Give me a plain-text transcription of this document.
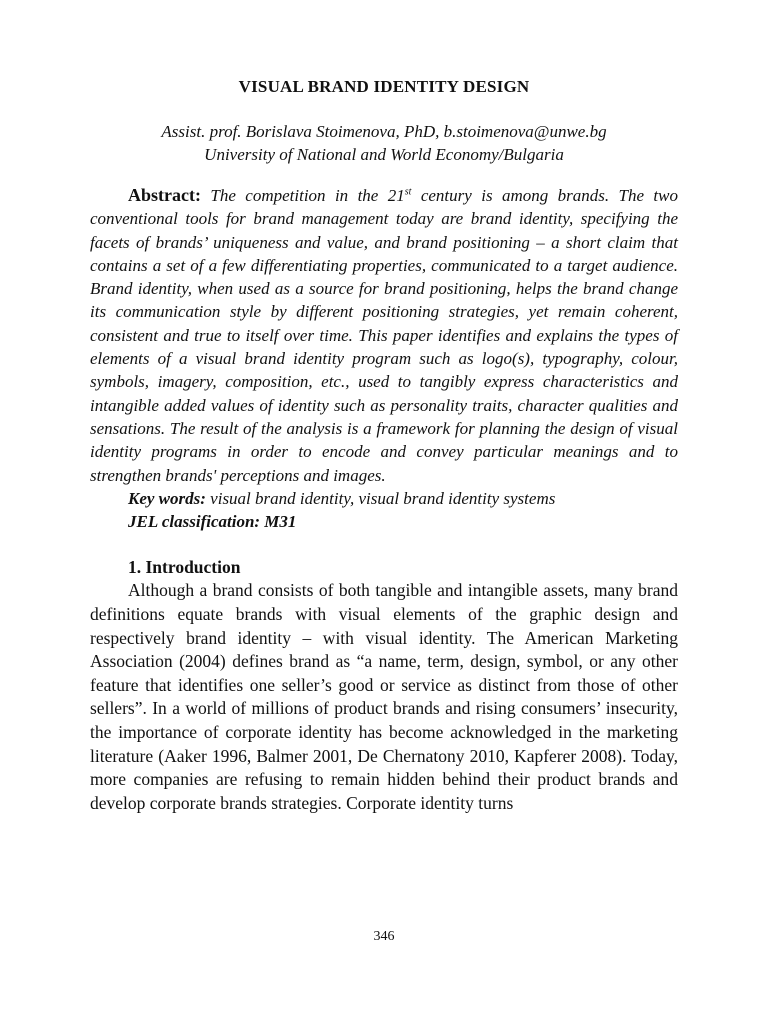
VISUAL BRAND IDENTITY DESIGN

Assist. prof. Borislava Stoimenova, PhD, b.stoimenova@unwe.bg

University of National and World Economy/Bulgaria

Abstract: The competition in the 21st century is among brands. The two conventional tools for brand management today are brand identity, specifying the facets of brands’ uniqueness and value, and brand positioning – a short claim that contains a set of a few differentiating properties, communicated to a target audience. Brand identity, when used as a source for brand positioning, helps the brand change its communication style by different positioning strategies, yet remain coherent, consistent and true to itself over time. This paper identifies and explains the types of elements of a visual brand identity program such as logo(s), typography, colour, symbols, imagery, composition, etc., used to tangibly express characteristics and intangible added values of identity such as personality traits, character qualities and sensations. The result of the analysis is a framework for planning the design of visual identity programs in order to encode and convey particular meanings and to strengthen brands' perceptions and images.

Key words: visual brand identity, visual brand identity systems

JEL classification: M31

1. Introduction

Although a brand consists of both tangible and intangible assets, many brand definitions equate brands with visual elements of the graphic design and respectively brand identity – with visual identity. The American Marketing Association (2004) defines brand as “a name, term, design, symbol, or any other feature that identifies one seller’s good or service as distinct from those of other sellers”. In a world of millions of product brands and rising consumers’ insecurity, the importance of corporate identity has become acknowledged in the marketing literature (Aaker 1996, Balmer 2001, De Chernatony 2010, Kapferer 2008). Today, more companies are refusing to remain hidden behind their product brands and develop corporate brands strategies. Corporate identity turns

346
